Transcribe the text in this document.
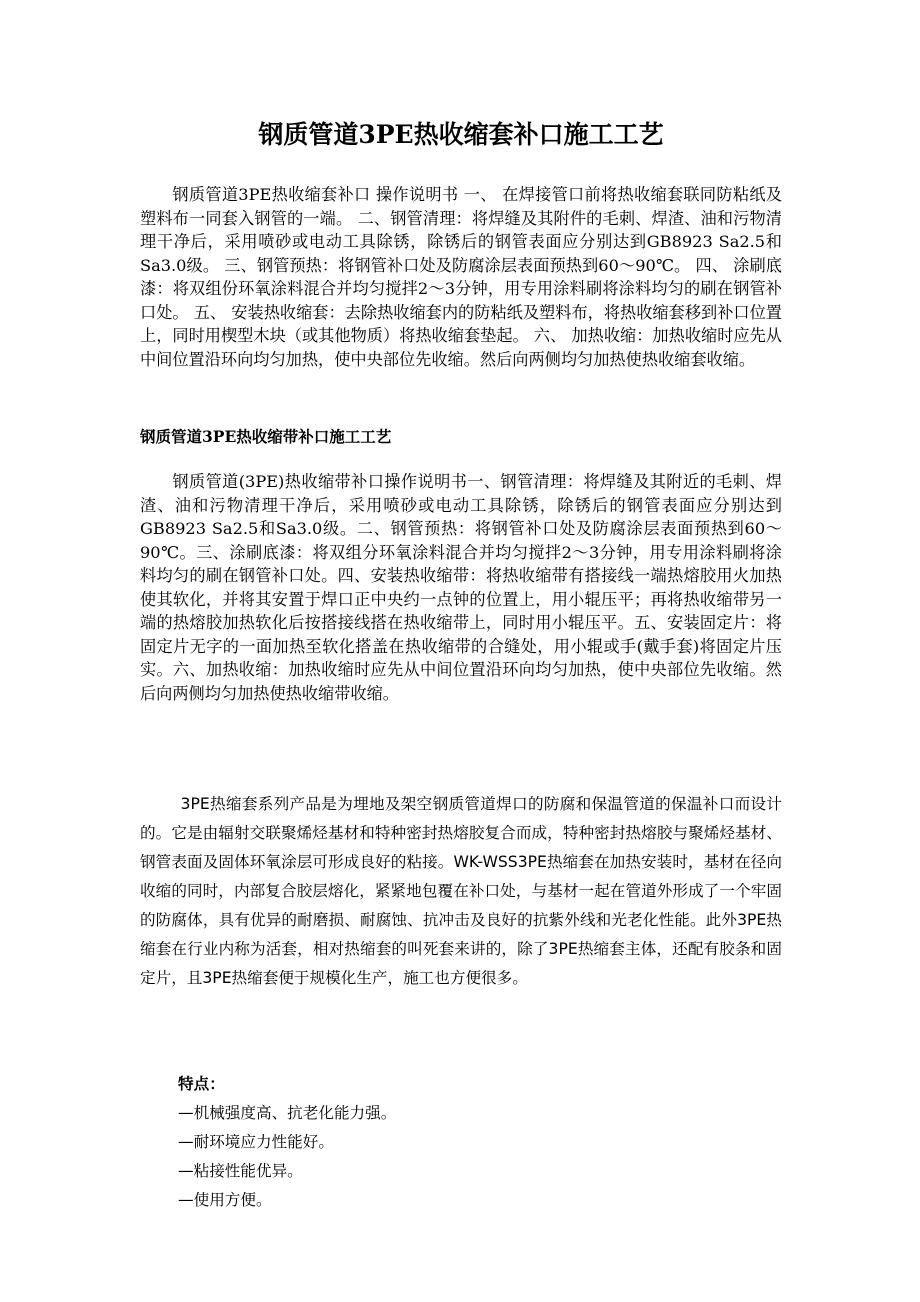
钢质管道3PE热收缩套补口施工工艺

钢质管道3PE热收缩套补口 操作说明书 一、 在焊接管口前将热收缩套联同防粘纸及塑料布一同套入钢管的一端。 二、钢管清理：将焊缝及其附件的毛刺、焊渣、油和污物清理干净后，采用喷砂或电动工具除锈，除锈后的钢管表面应分别达到GB8923 Sa2.5和Sa3.0级。 三、钢管预热：将钢管补口处及防腐涂层表面预热到60～90℃。 四、 涂刷底漆：将双组份环氧涂料混合并均匀搅拌2～3分钟，用专用涂料刷将涂料均匀的刷在钢管补口处。 五、 安装热收缩套：去除热收缩套内的防粘纸及塑料布，将热收缩套移到补口位置上，同时用楔型木块（或其他物质）将热收缩套垫起。 六、 加热收缩：加热收缩时应先从中间位置沿环向均匀加热，使中央部位先收缩。然后向两侧均匀加热使热收缩套收缩。

钢质管道3PE热收缩带补口施工工艺

钢质管道(3PE)热收缩带补口操作说明书一、钢管清理：将焊缝及其附近的毛刺、焊渣、油和污物清理干净后，采用喷砂或电动工具除锈，除锈后的钢管表面应分别达到GB8923 Sa2.5和Sa3.0级。二、钢管预热：将钢管补口处及防腐涂层表面预热到60～90℃。三、涂刷底漆：将双组分环氧涂料混合并均匀搅拌2～3分钟，用专用涂料刷将涂料均匀的刷在钢管补口处。四、安装热收缩带：将热收缩带有搭接线一端热熔胶用火加热使其软化，并将其安置于焊口正中央约一点钟的位置上，用小辊压平；再将热收缩带另一端的热熔胶加热软化后按搭接线搭在热收缩带上，同时用小辊压平。五、安装固定片：将固定片无字的一面加热至软化搭盖在热收缩带的合缝处，用小辊或手(戴手套)将固定片压实。六、加热收缩：加热收缩时应先从中间位置沿环向均匀加热，使中央部位先收缩。然后向两侧均匀加热使热收缩带收缩。

3PE热缩套系列产品是为埋地及架空钢质管道焊口的防腐和保温管道的保温补口而设计的。它是由辐射交联聚烯烃基材和特种密封热熔胶复合而成，特种密封热熔胶与聚烯烃基材、钢管表面及固体环氧涂层可形成良好的粘接。WK-WSS3PE热缩套在加热安装时，基材在径向收缩的同时，内部复合胶层熔化，紧紧地包覆在补口处，与基材一起在管道外形成了一个牢固的防腐体，具有优异的耐磨损、耐腐蚀、抗冲击及良好的抗紫外线和光老化性能。此外3PE热缩套在行业内称为活套，相对热缩套的叫死套来讲的，除了3PE热缩套主体，还配有胶条和固定片，且3PE热缩套便于规模化生产，施工也方便很多。

特点：
—机械强度高、抗老化能力强。
—耐环境应力性能好。
—粘接性能优异。
—使用方便。
